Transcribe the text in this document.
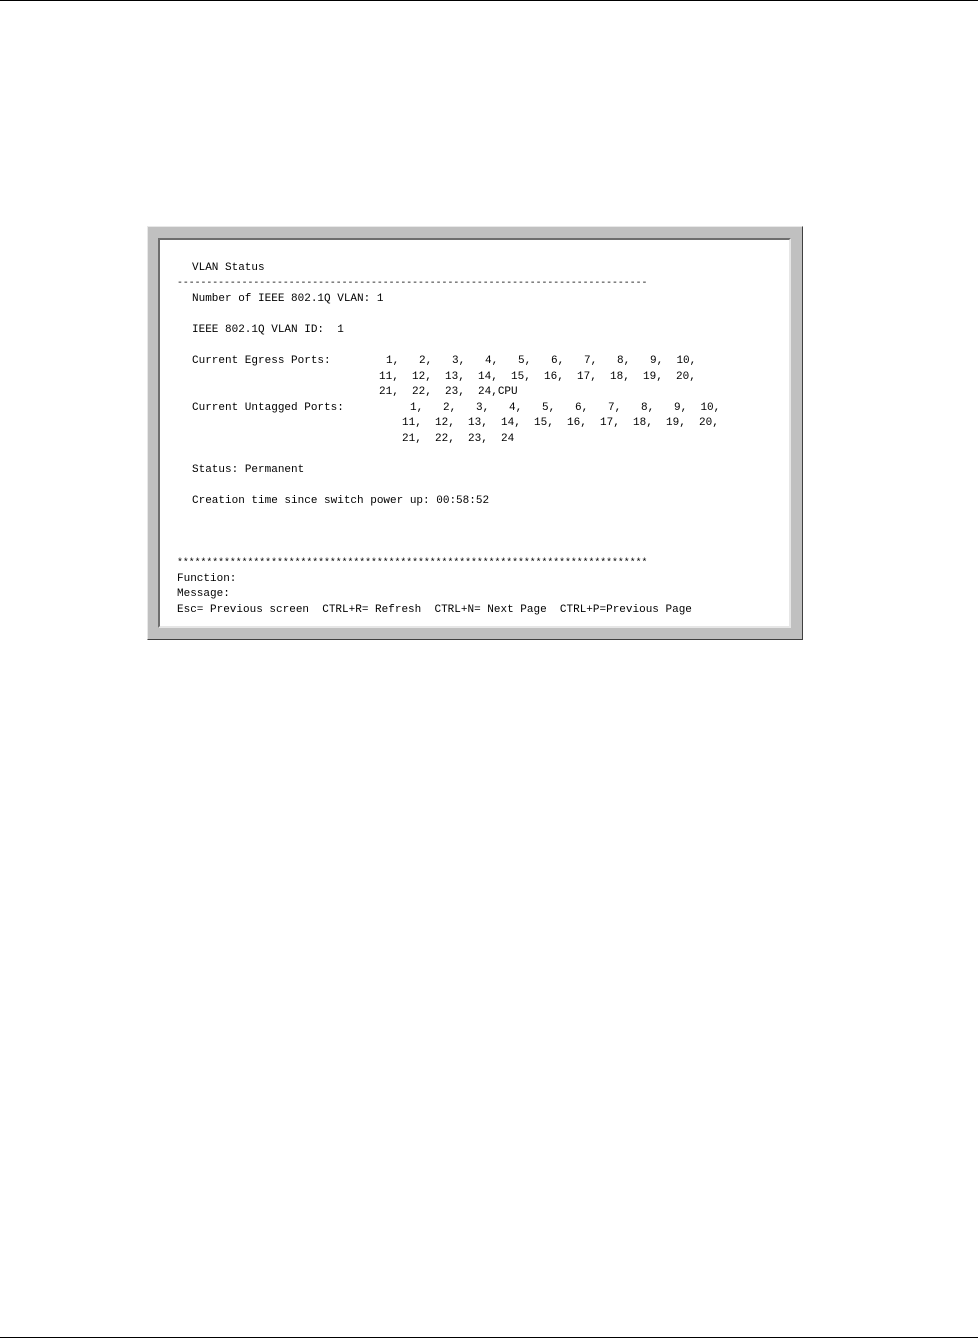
VLAN Status
--------------------------------------------------------------------------------
Number of IEEE 802.1Q VLAN: 1
IEEE 802.1Q VLAN ID: 1
Current Egress Ports:	1,   2,   3,   4,   5,   6,   7,   8,   9,  10,
11,  12,  13,  14,  15,  16,  17,  18,  19,  20,
21,  22,  23,  24,CPU
Current Untagged Ports:	1,   2,   3,   4,   5,   6,   7,   8,   9,  10,
11,  12,  13,  14,  15,  16,  17,  18,  19,  20,
21,  22,  23,  24
Status: Permanent
Creation time since switch power up: 00:58:52
********************************************************************************
Function:
Message:
Esc= Previous screen CTRL+R= Refresh CTRL+N= Next Page CTRL+P=Previous Page
